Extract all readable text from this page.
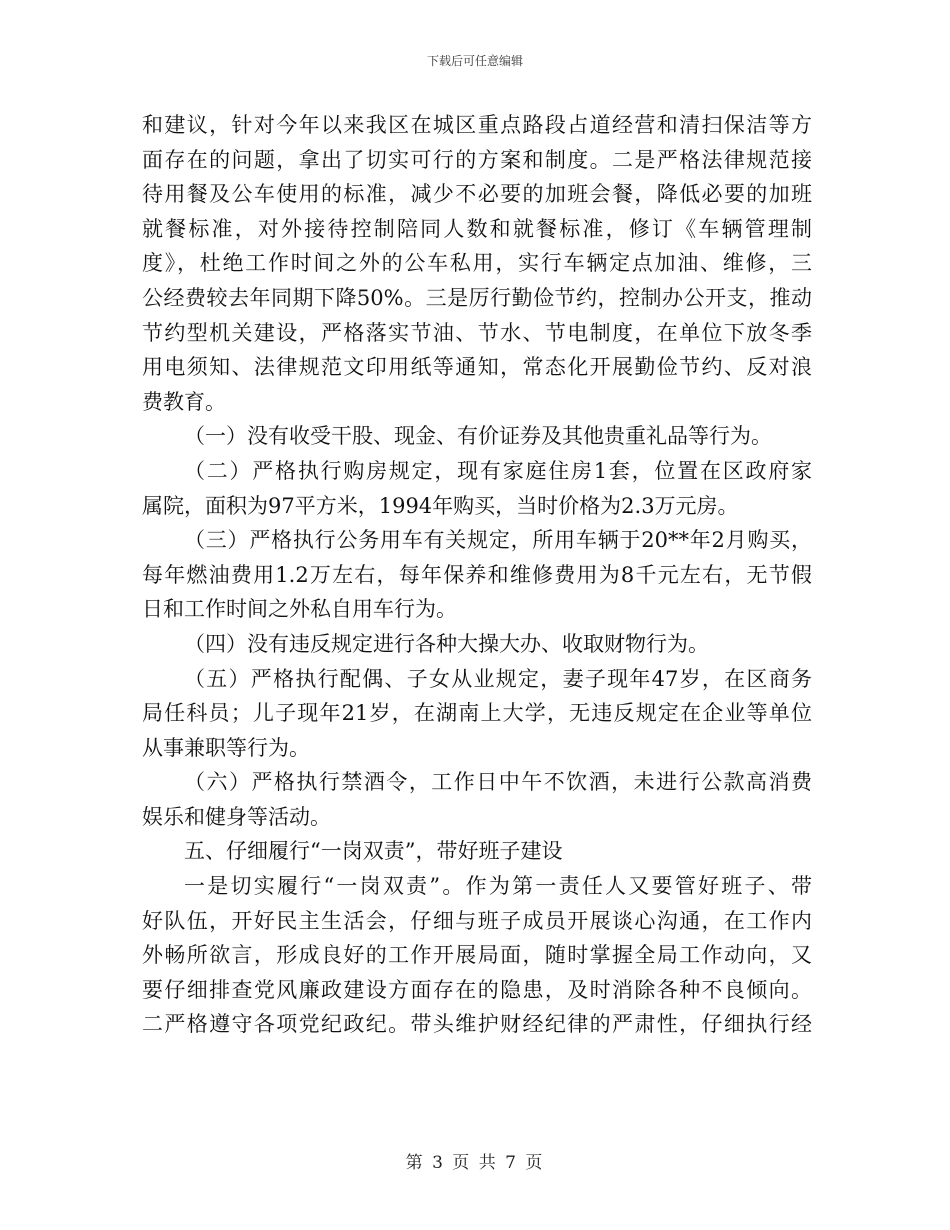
下载后可任意编辑
和建议，针对今年以来我区在城区重点路段占道经营和清扫保洁等方
面存在的问题，拿出了切实可行的方案和制度。二是严格法律规范接
待用餐及公车使用的标准，减少不必要的加班会餐，降低必要的加班
就餐标准，对外接待控制陪同人数和就餐标准，修订《车辆管理制
度》，杜绝工作时间之外的公车私用，实行车辆定点加油、维修，三
公经费较去年同期下降50%。三是厉行勤俭节约，控制办公开支，推动
节约型机关建设，严格落实节油、节水、节电制度，在单位下放冬季
用电须知、法律规范文印用纸等通知，常态化开展勤俭节约、反对浪
费教育。
（一）没有收受干股、现金、有价证券及其他贵重礼品等行为。
（二）严格执行购房规定，现有家庭住房1套，位置在区政府家
属院，面积为97平方米，1994年购买，当时价格为2.3万元房。
（三）严格执行公务用车有关规定，所用车辆于20**年2月购买，
每年燃油费用1.2万左右，每年保养和维修费用为8千元左右，无节假
日和工作时间之外私自用车行为。
（四）没有违反规定进行各种大操大办、收取财物行为。
（五）严格执行配偶、子女从业规定，妻子现年47岁，在区商务
局任科员；儿子现年21岁，在湖南上大学，无违反规定在企业等单位
从事兼职等行为。
（六）严格执行禁酒令，工作日中午不饮酒，未进行公款高消费
娱乐和健身等活动。
五、仔细履行“一岗双责”，带好班子建设
一是切实履行“一岗双责”。作为第一责任人又要管好班子、带
好队伍，开好民主生活会，仔细与班子成员开展谈心沟通，在工作内
外畅所欲言，形成良好的工作开展局面，随时掌握全局工作动向，又
要仔细排查党风廉政建设方面存在的隐患，及时消除各种不良倾向。
二严格遵守各项党纪政纪。带头维护财经纪律的严肃性，仔细执行经
第 3 页 共 7 页
